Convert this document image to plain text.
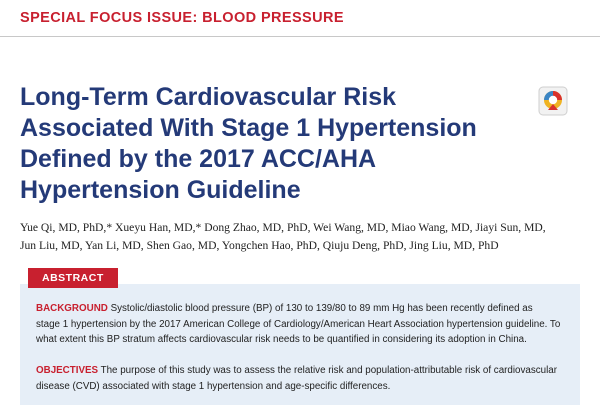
SPECIAL FOCUS ISSUE: BLOOD PRESSURE
Long-Term Cardiovascular Risk
Associated With Stage 1 Hypertension
Defined by the 2017 ACC/AHA
Hypertension Guideline
Yue Qi, MD, PhD,* Xueyu Han, MD,* Dong Zhao, MD, PhD, Wei Wang, MD, Miao Wang, MD, Jiayi Sun, MD,
Jun Liu, MD, Yan Li, MD, Shen Gao, MD, Yongchen Hao, PhD, Qiuju Deng, PhD, Jing Liu, MD, PhD
ABSTRACT
BACKGROUND Systolic/diastolic blood pressure (BP) of 130 to 139/80 to 89 mm Hg has been recently defined as
stage 1 hypertension by the 2017 American College of Cardiology/American Heart Association hypertension guideline. To
what extent this BP stratum affects cardiovascular risk needs to be quantified in considering its adoption in China.
OBJECTIVES The purpose of this study was to assess the relative risk and population-attributable risk of cardiovascular
disease (CVD) associated with stage 1 hypertension and age-specific differences.
